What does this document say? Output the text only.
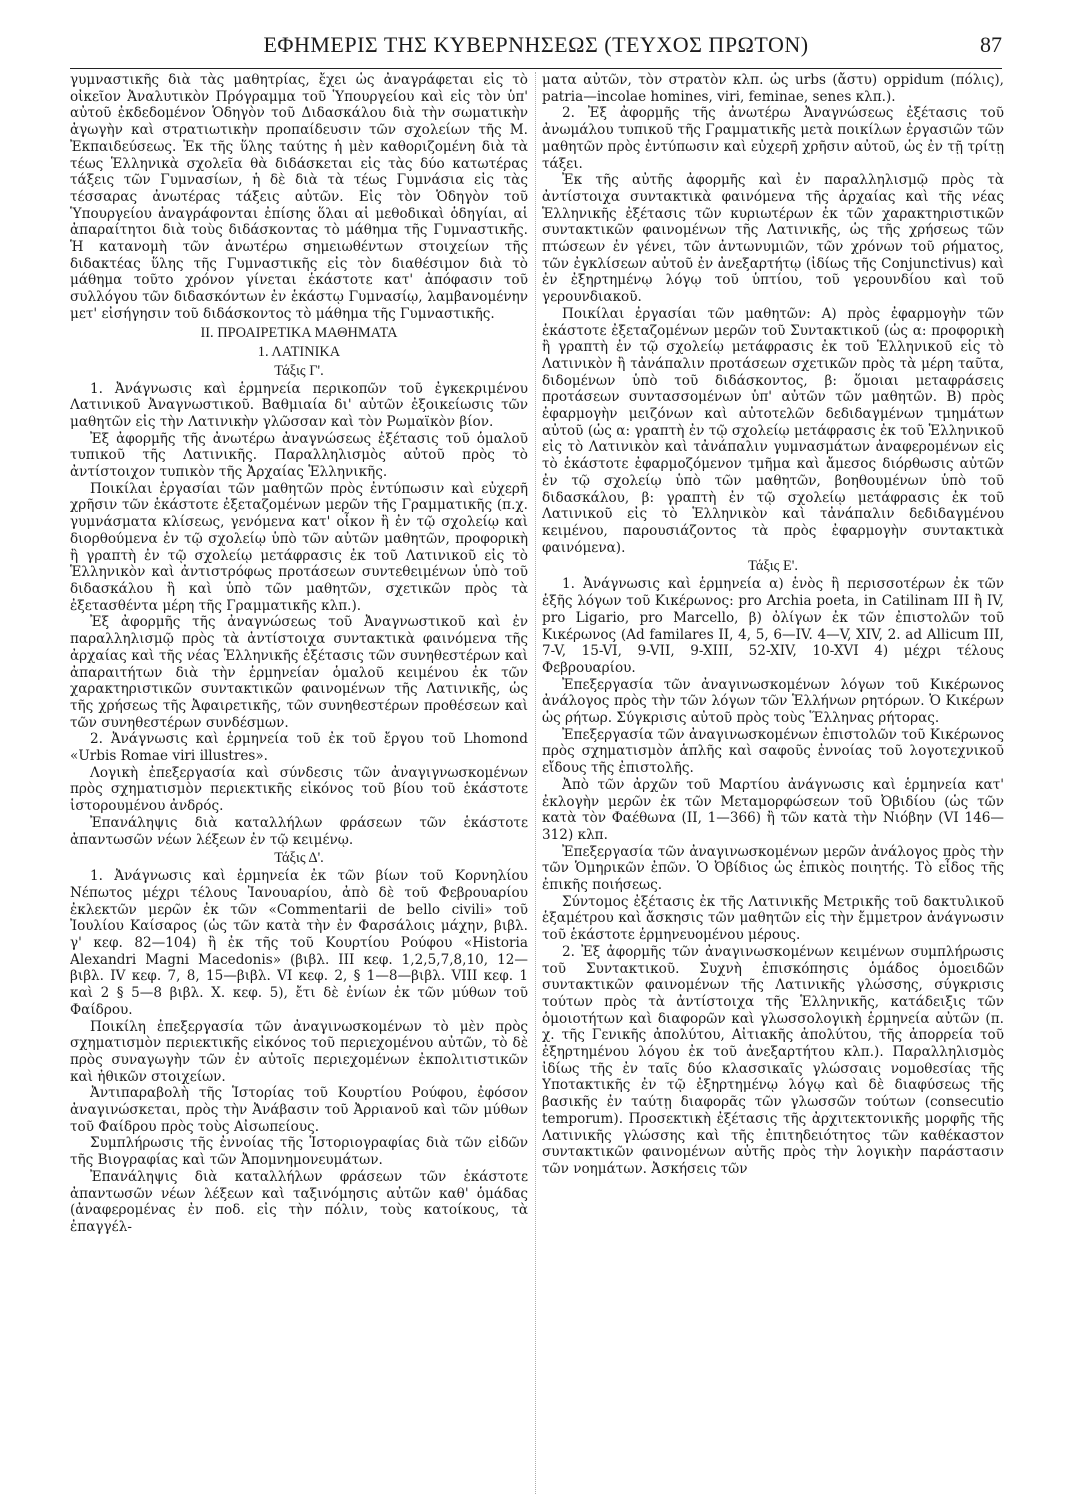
ΕΦΗΜΕΡΙΣ ΤΗΣ ΚΥΒΕΡΝΗΣΕΩΣ (ΤΕΥΧΟΣ ΠΡΩΤΟΝ)	87

γυμναστικῆς διὰ τὰς μαθητρίας, ἔχει ὡς ἀναγράφεται εἰς τὸ οἰκεῖον Ἀναλυτικὸν Πρόγραμμα τοῦ Ὑπουργείου καὶ εἰς τὸν ὑπ' αὐτοῦ ἐκδεδομένον Ὁδηγὸν τοῦ Διδασκάλου διὰ τὴν σωματικὴν ἀγωγὴν καὶ στρατιωτικὴν προπαίδευσιν τῶν σχολείων τῆς Μ. Ἐκπαιδεύσεως. Ἐκ τῆς ὕλης ταύτης ἡ μὲν καθοριζομένη διὰ τὰ τέως Ἑλληνικὰ σχολεῖα θὰ διδάσκεται εἰς τὰς δύο κατωτέρας τάξεις τῶν Γυμνασίων, ἡ δὲ διὰ τὰ τέως Γυμνάσια εἰς τὰς τέσσαρας ἀνωτέρας τάξεις αὐτῶν. Εἰς τὸν Ὁδηγὸν τοῦ Ὑπουργείου ἀναγράφονται ἐπίσης ὅλαι αἱ μεθοδικαὶ ὁδηγίαι, αἱ ἀπαραίτητοι διὰ τοὺς διδάσκοντας τὸ μάθημα τῆς Γυμναστικῆς. Ἡ κατανομὴ τῶν ἀνωτέρω σημειωθέντων στοιχείων τῆς διδακτέας ὕλης τῆς Γυμναστικῆς εἰς τὸν διαθέσιμον διὰ τὸ μάθημα τοῦτο χρόνον γίνεται ἑκάστοτε κατ' ἀπόφασιν τοῦ συλλόγου τῶν διδασκόντων ἐν ἑκάστῳ Γυμνασίῳ, λαμβανομένην μετ' εἰσήγησιν τοῦ διδάσκοντος τὸ μάθημα τῆς Γυμναστικῆς.

II. ΠΡΟΑΙΡΕΤΙΚΑ ΜΑΘΗΜΑΤΑ
1. ΛΑΤΙΝΙΚΑ
Τάξις Γ'.

1. Ἀνάγνωσις καὶ ἑρμηνεία περικοπῶν τοῦ ἐγκεκριμένου Λατινικοῦ Ἀναγνωστικοῦ. Βαθμιαία δι' αὐτῶν ἐξοικείωσις τῶν μαθητῶν εἰς τὴν Λατινικὴν γλῶσσαν καὶ τὸν Ρωμαϊκὸν βίον.

Ἐξ ἀφορμῆς τῆς ἀνωτέρω ἀναγνώσεως ἐξέτασις τοῦ ὁμαλοῦ τυπικοῦ τῆς Λατινικῆς. Παραλληλισμὸς αὐτοῦ πρὸς τὸ ἀντίστοιχον τυπικὸν τῆς Ἀρχαίας Ἑλληνικῆς.

Ποικίλαι ἐργασίαι τῶν μαθητῶν πρὸς ἐντύπωσιν καὶ εὐχερῆ χρῆσιν τῶν ἑκάστοτε ἐξεταζομένων μερῶν τῆς Γραμματικῆς (π.χ. γυμνάσματα κλίσεως, γενόμενα κατ' οἶκον ἢ ἐν τῷ σχολείῳ καὶ διορθούμενα ἐν τῷ σχολείῳ ὑπὸ τῶν αὐτῶν μαθητῶν, προφορικὴ ἢ γραπτὴ ἐν τῷ σχολείῳ μετάφρασις ἐκ τοῦ Λατινικοῦ εἰς τὸ Ἑλληνικὸν καὶ ἀντιστρόφως προτάσεων συντεθειμένων ὑπὸ τοῦ διδασκάλου ἢ καὶ ὑπὸ τῶν μαθητῶν, σχετικῶν πρὸς τὰ ἐξετασθέντα μέρη τῆς Γραμματικῆς κλπ.).

Ἐξ ἀφορμῆς τῆς ἀναγνώσεως τοῦ Ἀναγνωστικοῦ καὶ ἐν παραλληλισμῷ πρὸς τὰ ἀντίστοιχα συντακτικὰ φαινόμενα τῆς ἀρχαίας καὶ τῆς νέας Ἑλληνικῆς ἐξέτασις τῶν συνηθεστέρων καὶ ἀπαραιτήτων διὰ τὴν ἑρμηνείαν ὁμαλοῦ κειμένου ἐκ τῶν χαρακτηριστικῶν συντακτικῶν φαινομένων τῆς Λατινικῆς, ὡς τῆς χρήσεως τῆς Ἀφαιρετικῆς, τῶν συνηθεστέρων προθέσεων καὶ τῶν συνηθεστέρων συνδέσμων.

2. Ἀνάγνωσις καὶ ἑρμηνεία τοῦ ἐκ τοῦ ἔργου τοῦ Lhomond «Urbis Romae viri illustres».

Λογικὴ ἐπεξεργασία καὶ σύνδεσις τῶν ἀναγιγνωσκομένων πρὸς σχηματισμὸν περιεκτικῆς εἰκόνος τοῦ βίου τοῦ ἑκάστοτε ἱστορουμένου ἀνδρός.

Ἐπανάληψις διὰ καταλλήλων φράσεων τῶν ἑκάστοτε ἀπαντωσῶν νέων λέξεων ἐν τῷ κειμένῳ.

Τάξις Δ'.

1. Ἀνάγνωσις καὶ ἑρμηνεία ἐκ τῶν βίων τοῦ Κορνηλίου Νέπωτος μέχρι τέλους Ἰανουαρίου, ἀπὸ δὲ τοῦ Φεβρουαρίου ἐκλεκτῶν μερῶν ἐκ τῶν «Commentarii de bello civili» τοῦ Ἰουλίου Καίσαρος (ὡς τῶν κατὰ τὴν ἐν Φαρσάλοις μάχην, βιβλ. γ' κεφ. 82—104) ἢ ἐκ τῆς τοῦ Κουρτίου Ρούφου «Historia Alexandri Magni Macedonis» (βιβλ. III κεφ. 1,2,5,7,8,10, 12—βιβλ. IV κεφ. 7, 8, 15—βιβλ. VI κεφ. 2, § 1—8—βιβλ. VIII κεφ. 1 καὶ 2 § 5—8 βιβλ. X. κεφ. 5), ἔτι δὲ ἐνίων ἐκ τῶν μύθων τοῦ Φαίδρου.

Ποικίλη ἐπεξεργασία τῶν ἀναγινωσκομένων τὸ μὲν πρὸς σχηματισμὸν περιεκτικῆς εἰκόνος τοῦ περιεχομένου αὐτῶν, τὸ δὲ πρὸς συναγωγὴν τῶν ἐν αὐτοῖς περιεχομένων ἐκπολιτιστικῶν καὶ ἠθικῶν στοιχείων.

Ἀντιπαραβολὴ τῆς Ἱστορίας τοῦ Κουρτίου Ρούφου, ἐφόσον ἀναγινώσκεται, πρὸς τὴν Ἀνάβασιν τοῦ Ἀρριανοῦ καὶ τῶν μύθων τοῦ Φαίδρου πρὸς τοὺς Αἰσωπείους.

Συμπλήρωσις τῆς ἐννοίας τῆς Ἱστοριογραφίας διὰ τῶν εἰδῶν τῆς Βιογραφίας καὶ τῶν Ἀπομνημονευμάτων.

Ἐπανάληψις διὰ καταλλήλων φράσεων τῶν ἑκάστοτε ἀπαντωσῶν νέων λέξεων καὶ ταξινόμησις αὐτῶν καθ' ὁμάδας (ἀναφερομένας ἐν ποδ. εἰς τὴν πόλιν, τοὺς κατοίκους, τὰ ἐπαγγέλ-

ματα αὐτῶν, τὸν στρατὸν κλπ. ὡς urbs (ἄστυ) oppidum (πόλις), patria—incolae homines, viri, feminae, senes κλπ.).

2. Ἐξ ἀφορμῆς τῆς ἀνωτέρω Ἀναγνώσεως ἐξέτασις τοῦ ἀνωμάλου τυπικοῦ τῆς Γραμματικῆς μετὰ ποικίλων ἐργασιῶν τῶν μαθητῶν πρὸς ἐντύπωσιν καὶ εὐχερῆ χρῆσιν αὐτοῦ, ὡς ἐν τῇ τρίτῃ τάξει.

Ἐκ τῆς αὐτῆς ἀφορμῆς καὶ ἐν παραλληλισμῷ πρὸς τὰ ἀντίστοιχα συντακτικὰ φαινόμενα τῆς ἀρχαίας καὶ τῆς νέας Ἑλληνικῆς ἐξέτασις τῶν κυριωτέρων ἐκ τῶν χαρακτηριστικῶν συντακτικῶν φαινομένων τῆς Λατινικῆς, ὡς τῆς χρήσεως τῶν πτώσεων ἐν γένει, τῶν ἀντωνυμιῶν, τῶν χρόνων τοῦ ρήματος, τῶν ἐγκλίσεων αὐτοῦ ἐν ἀνεξαρτήτῳ (ἰδίως τῆς Conjunctivus) καὶ ἐν ἐξηρτημένῳ λόγῳ τοῦ ὑπτίου, τοῦ γερουνδίου καὶ τοῦ γερουνδιακοῦ.

Ποικίλαι ἐργασίαι τῶν μαθητῶν: Α) πρὸς ἐφαρμογὴν τῶν ἑκάστοτε ἐξεταζομένων μερῶν τοῦ Συντακτικοῦ (ὡς α: προφορικὴ ἢ γραπτὴ ἐν τῷ σχολείῳ μετάφρασις ἐκ τοῦ Ἑλληνικοῦ εἰς τὸ Λατινικὸν ἢ τἀνάπαλιν προτάσεων σχετικῶν πρὸς τὰ μέρη ταῦτα, διδομένων ὑπὸ τοῦ διδάσκοντος, β: ὅμοιαι μεταφράσεις προτάσεων συντασσομένων ὑπ' αὐτῶν τῶν μαθητῶν. Β) πρὸς ἐφαρμογὴν μειζόνων καὶ αὐτοτελῶν δεδιδαγμένων τμημάτων αὐτοῦ (ὡς α: γραπτὴ ἐν τῷ σχολείῳ μετάφρασις ἐκ τοῦ Ἑλληνικοῦ εἰς τὸ Λατινικὸν καὶ τἀνάπαλιν γυμνασμάτων ἀναφερομένων εἰς τὸ ἑκάστοτε ἐφαρμοζόμενον τμῆμα καὶ ἄμεσος διόρθωσις αὐτῶν ἐν τῷ σχολείῳ ὑπὸ τῶν μαθητῶν, βοηθουμένων ὑπὸ τοῦ διδασκάλου, β: γραπτὴ ἐν τῷ σχολείῳ μετάφρασις ἐκ τοῦ Λατινικοῦ εἰς τὸ Ἑλληνικὸν καὶ τἀνάπαλιν δεδιδαγμένου κειμένου, παρουσιάζοντος τὰ πρὸς ἐφαρμογὴν συντακτικὰ φαινόμενα).

Τάξις Ε'.

1. Ἀνάγνωσις καὶ ἑρμηνεία α) ἑνὸς ἢ περισσοτέρων ἐκ τῶν ἑξῆς λόγων τοῦ Κικέρωνος: pro Archia poeta, in Catilinam III ἢ IV, pro Ligario, pro Marcello, β) ὀλίγων ἐκ τῶν ἐπιστολῶν τοῦ Κικέρωνος (Ad familares II, 4, 5, 6—IV. 4—V, XIV, 2. ad Allicum III, 7-V, 15-VI, 9-VII, 9-XIII, 52-XIV, 10-XVI 4) μέχρι τέλους Φεβρουαρίου.

Ἐπεξεργασία τῶν ἀναγινωσκομένων λόγων τοῦ Κικέρωνος ἀνάλογος πρὸς τὴν τῶν λόγων τῶν Ἑλλήνων ρητόρων. Ὁ Κικέρων ὡς ρήτωρ. Σύγκρισις αὐτοῦ πρὸς τοὺς Ἕλληνας ρήτορας.

Ἐπεξεργασία τῶν ἀναγινωσκομένων ἐπιστολῶν τοῦ Κικέρωνος πρὸς σχηματισμὸν ἁπλῆς καὶ σαφοῦς ἐννοίας τοῦ λογοτεχνικοῦ εἴδους τῆς ἐπιστολῆς.

Ἀπὸ τῶν ἀρχῶν τοῦ Μαρτίου ἀνάγνωσις καὶ ἑρμηνεία κατ' ἐκλογὴν μερῶν ἐκ τῶν Μεταμορφώσεων τοῦ Ὀβιδίου (ὡς τῶν κατὰ τὸν Φαέθωνα (II, 1—366) ἢ τῶν κατὰ τὴν Νιόβην (VI 146—312) κλπ.

Ἐπεξεργασία τῶν ἀναγινωσκομένων μερῶν ἀνάλογος πρὸς τὴν τῶν Ὁμηρικῶν ἐπῶν. Ὁ Ὀβίδιος ὡς ἐπικὸς ποιητής. Τὸ εἶδος τῆς ἐπικῆς ποιήσεως.

Σύντομος ἐξέτασις ἐκ τῆς Λατινικῆς Μετρικῆς τοῦ δακτυλικοῦ ἑξαμέτρου καὶ ἄσκησις τῶν μαθητῶν εἰς τὴν ἔμμετρον ἀνάγνωσιν τοῦ ἑκάστοτε ἑρμηνευομένου μέρους.

2. Ἐξ ἀφορμῆς τῶν ἀναγινωσκομένων κειμένων συμπλήρωσις τοῦ Συντακτικοῦ. Συχνὴ ἐπισκόπησις ὁμάδος ὁμοειδῶν συντακτικῶν φαινομένων τῆς Λατινικῆς γλώσσης, σύγκρισις τούτων πρὸς τὰ ἀντίστοιχα τῆς Ἑλληνικῆς, κατάδειξις τῶν ὁμοιοτήτων καὶ διαφορῶν καὶ γλωσσολογικὴ ἑρμηνεία αὐτῶν (π. χ. τῆς Γενικῆς ἀπολύτου, Αἰτιακῆς ἀπολύτου, τῆς ἀπορρεία τοῦ ἐξηρτημένου λόγου ἐκ τοῦ ἀνεξαρτήτου κλπ.). Παραλληλισμὸς ἰδίως τῆς ἐν ταῖς δύο κλασσικαῖς γλώσσαις νομοθεσίας τῆς Υποτακτικῆς ἐν τῷ ἐξηρτημένῳ λόγῳ καὶ δὲ διαφύσεως τῆς βασικῆς ἐν ταύτῃ διαφορᾶς τῶν γλωσσῶν τούτων (consecutio temporum). Προσεκτικὴ ἐξέτασις τῆς ἀρχιτεκτονικῆς μορφῆς τῆς Λατινικῆς γλώσσης καὶ τῆς ἐπιτηδειότητος τῶν καθέκαστον συντακτικῶν φαινομένων αὐτῆς πρὸς τὴν λογικὴν παράστασιν τῶν νοημάτων. Ἀσκήσεις τῶν
